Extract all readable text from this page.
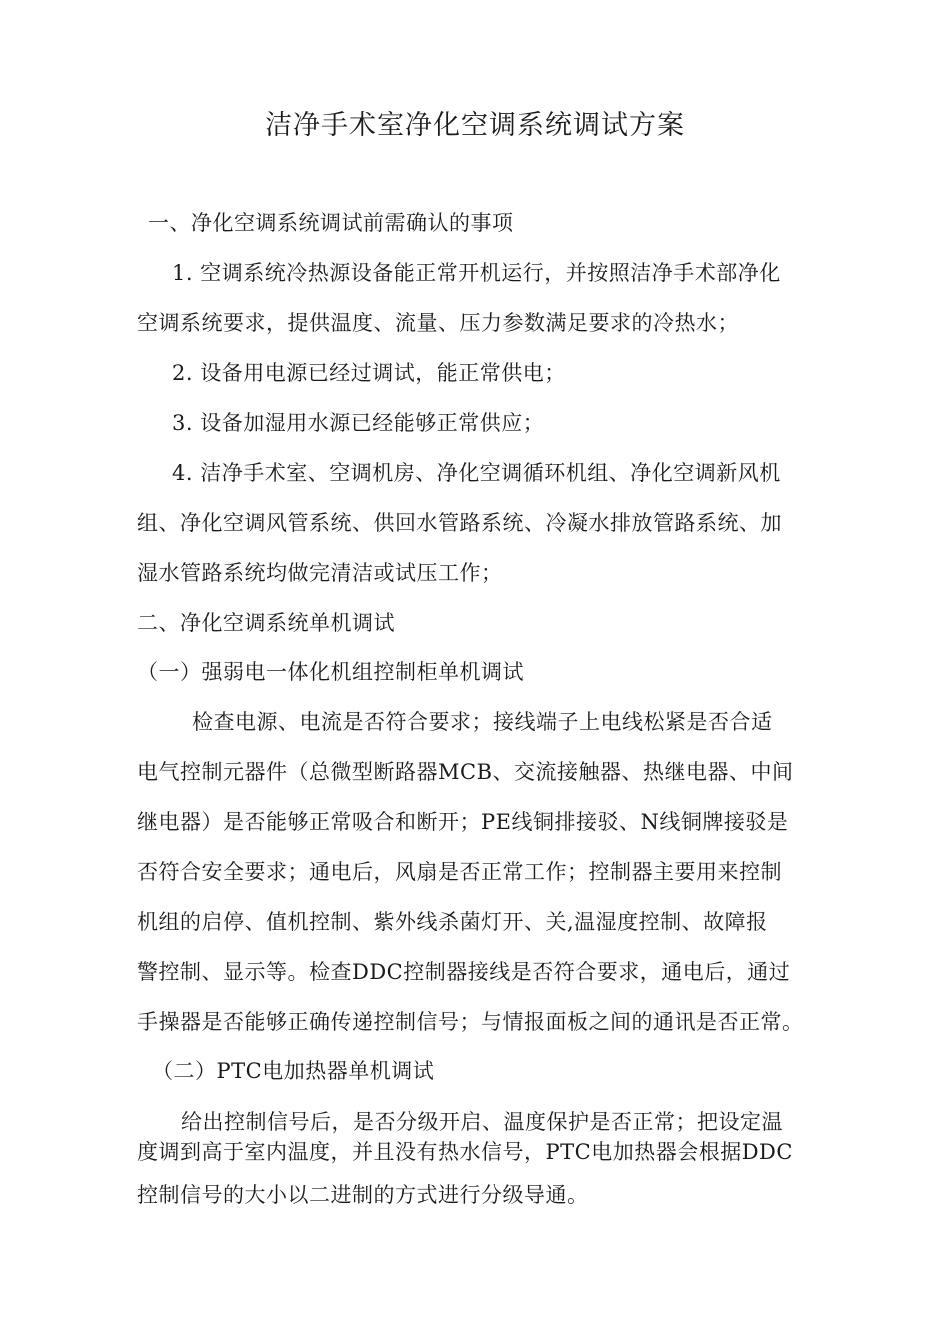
洁净手术室净化空调系统调试方案
一、净化空调系统调试前需确认的事项
1. 空调系统冷热源设备能正常开机运行，并按照洁净手术部净化
空调系统要求，提供温度、流量、压力参数满足要求的冷热水；
2. 设备用电源已经过调试，能正常供电；
3. 设备加湿用水源已经能够正常供应；
4. 洁净手术室、空调机房、净化空调循环机组、净化空调新风机
组、净化空调风管系统、供回水管路系统、冷凝水排放管路系统、加
湿水管路系统均做完清洁或试压工作；
二、净化空调系统单机调试
（一）强弱电一体化机组控制柜单机调试
检查电源、电流是否符合要求；接线端子上电线松紧是否合适
电气控制元器件（总微型断路器MCB、交流接触器、热继电器、中间
继电器）是否能够正常吸合和断开；PE线铜排接驳、N线铜牌接驳是
否符合安全要求；通电后，风扇是否正常工作；控制器主要用来控制
机组的启停、值机控制、紫外线杀菌灯开、关,温湿度控制、故障报
警控制、显示等。检查DDC控制器接线是否符合要求，通电后，通过
手操器是否能够正确传递控制信号；与情报面板之间的通讯是否正常。
（二）PTC电加热器单机调试
给出控制信号后，是否分级开启、温度保护是否正常；把设定温
度调到高于室内温度，并且没有热水信号，PTC电加热器会根据DDC
控制信号的大小以二进制的方式进行分级导通。
